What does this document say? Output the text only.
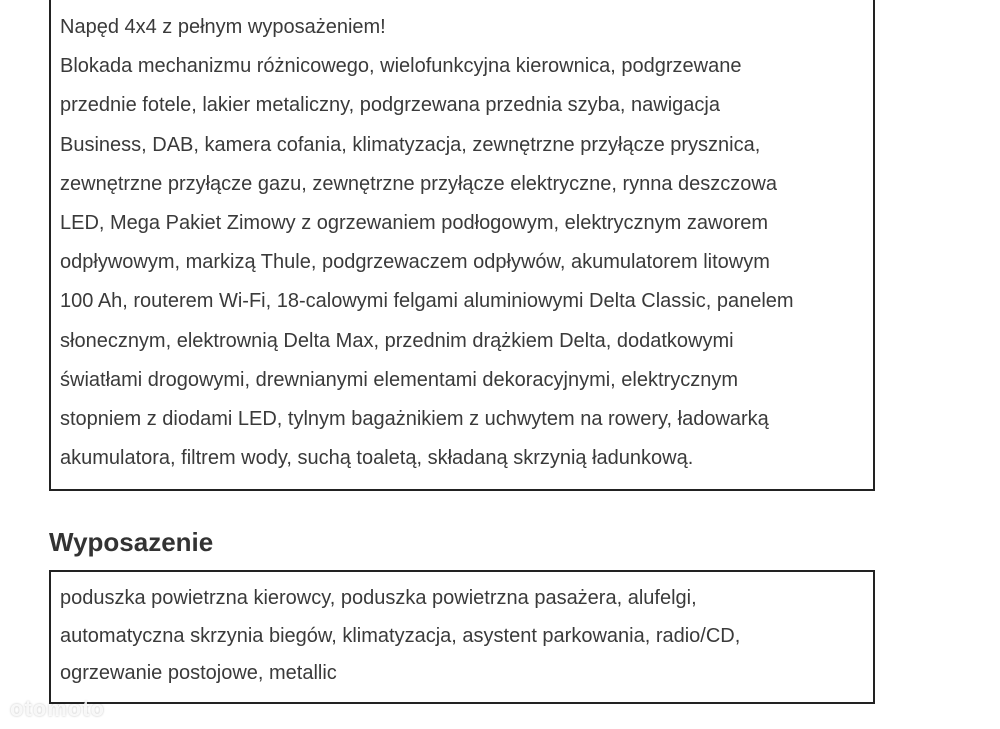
Napęd 4x4 z pełnym wyposażeniem!
Blokada mechanizmu różnicowego, wielofunkcyjna kierownica, podgrzewane
przednie fotele, lakier metaliczny, podgrzewana przednia szyba, nawigacja
Business, DAB, kamera cofania, klimatyzacja, zewnętrzne przyłącze prysznica,
zewnętrzne przyłącze gazu, zewnętrzne przyłącze elektryczne, rynna deszczowa
LED, Mega Pakiet Zimowy z ogrzewaniem podłogowym, elektrycznym zaworem
odpływowym, markizą Thule, podgrzewaczem odpływów, akumulatorem litowym
100 Ah, routerem Wi-Fi, 18-calowymi felgami aluminiowymi Delta Classic, panelem
słonecznym, elektrownią Delta Max, przednim drążkiem Delta, dodatkowymi
światłami drogowymi, drewnianymi elementami dekoracyjnymi, elektrycznym
stopniem z diodami LED, tylnym bagażnikiem z uchwytem na rowery, ładowarką
akumulatora, filtrem wody, suchą toaletą, składaną skrzynią ładunkową.

Wyposazenie

poduszka powietrzna kierowcy, poduszka powietrzna pasażera, alufelgi,
automatyczna skrzynia biegów, klimatyzacja, asystent parkowania, radio/CD,
ogrzewanie postojowe, metallic

otomoto
